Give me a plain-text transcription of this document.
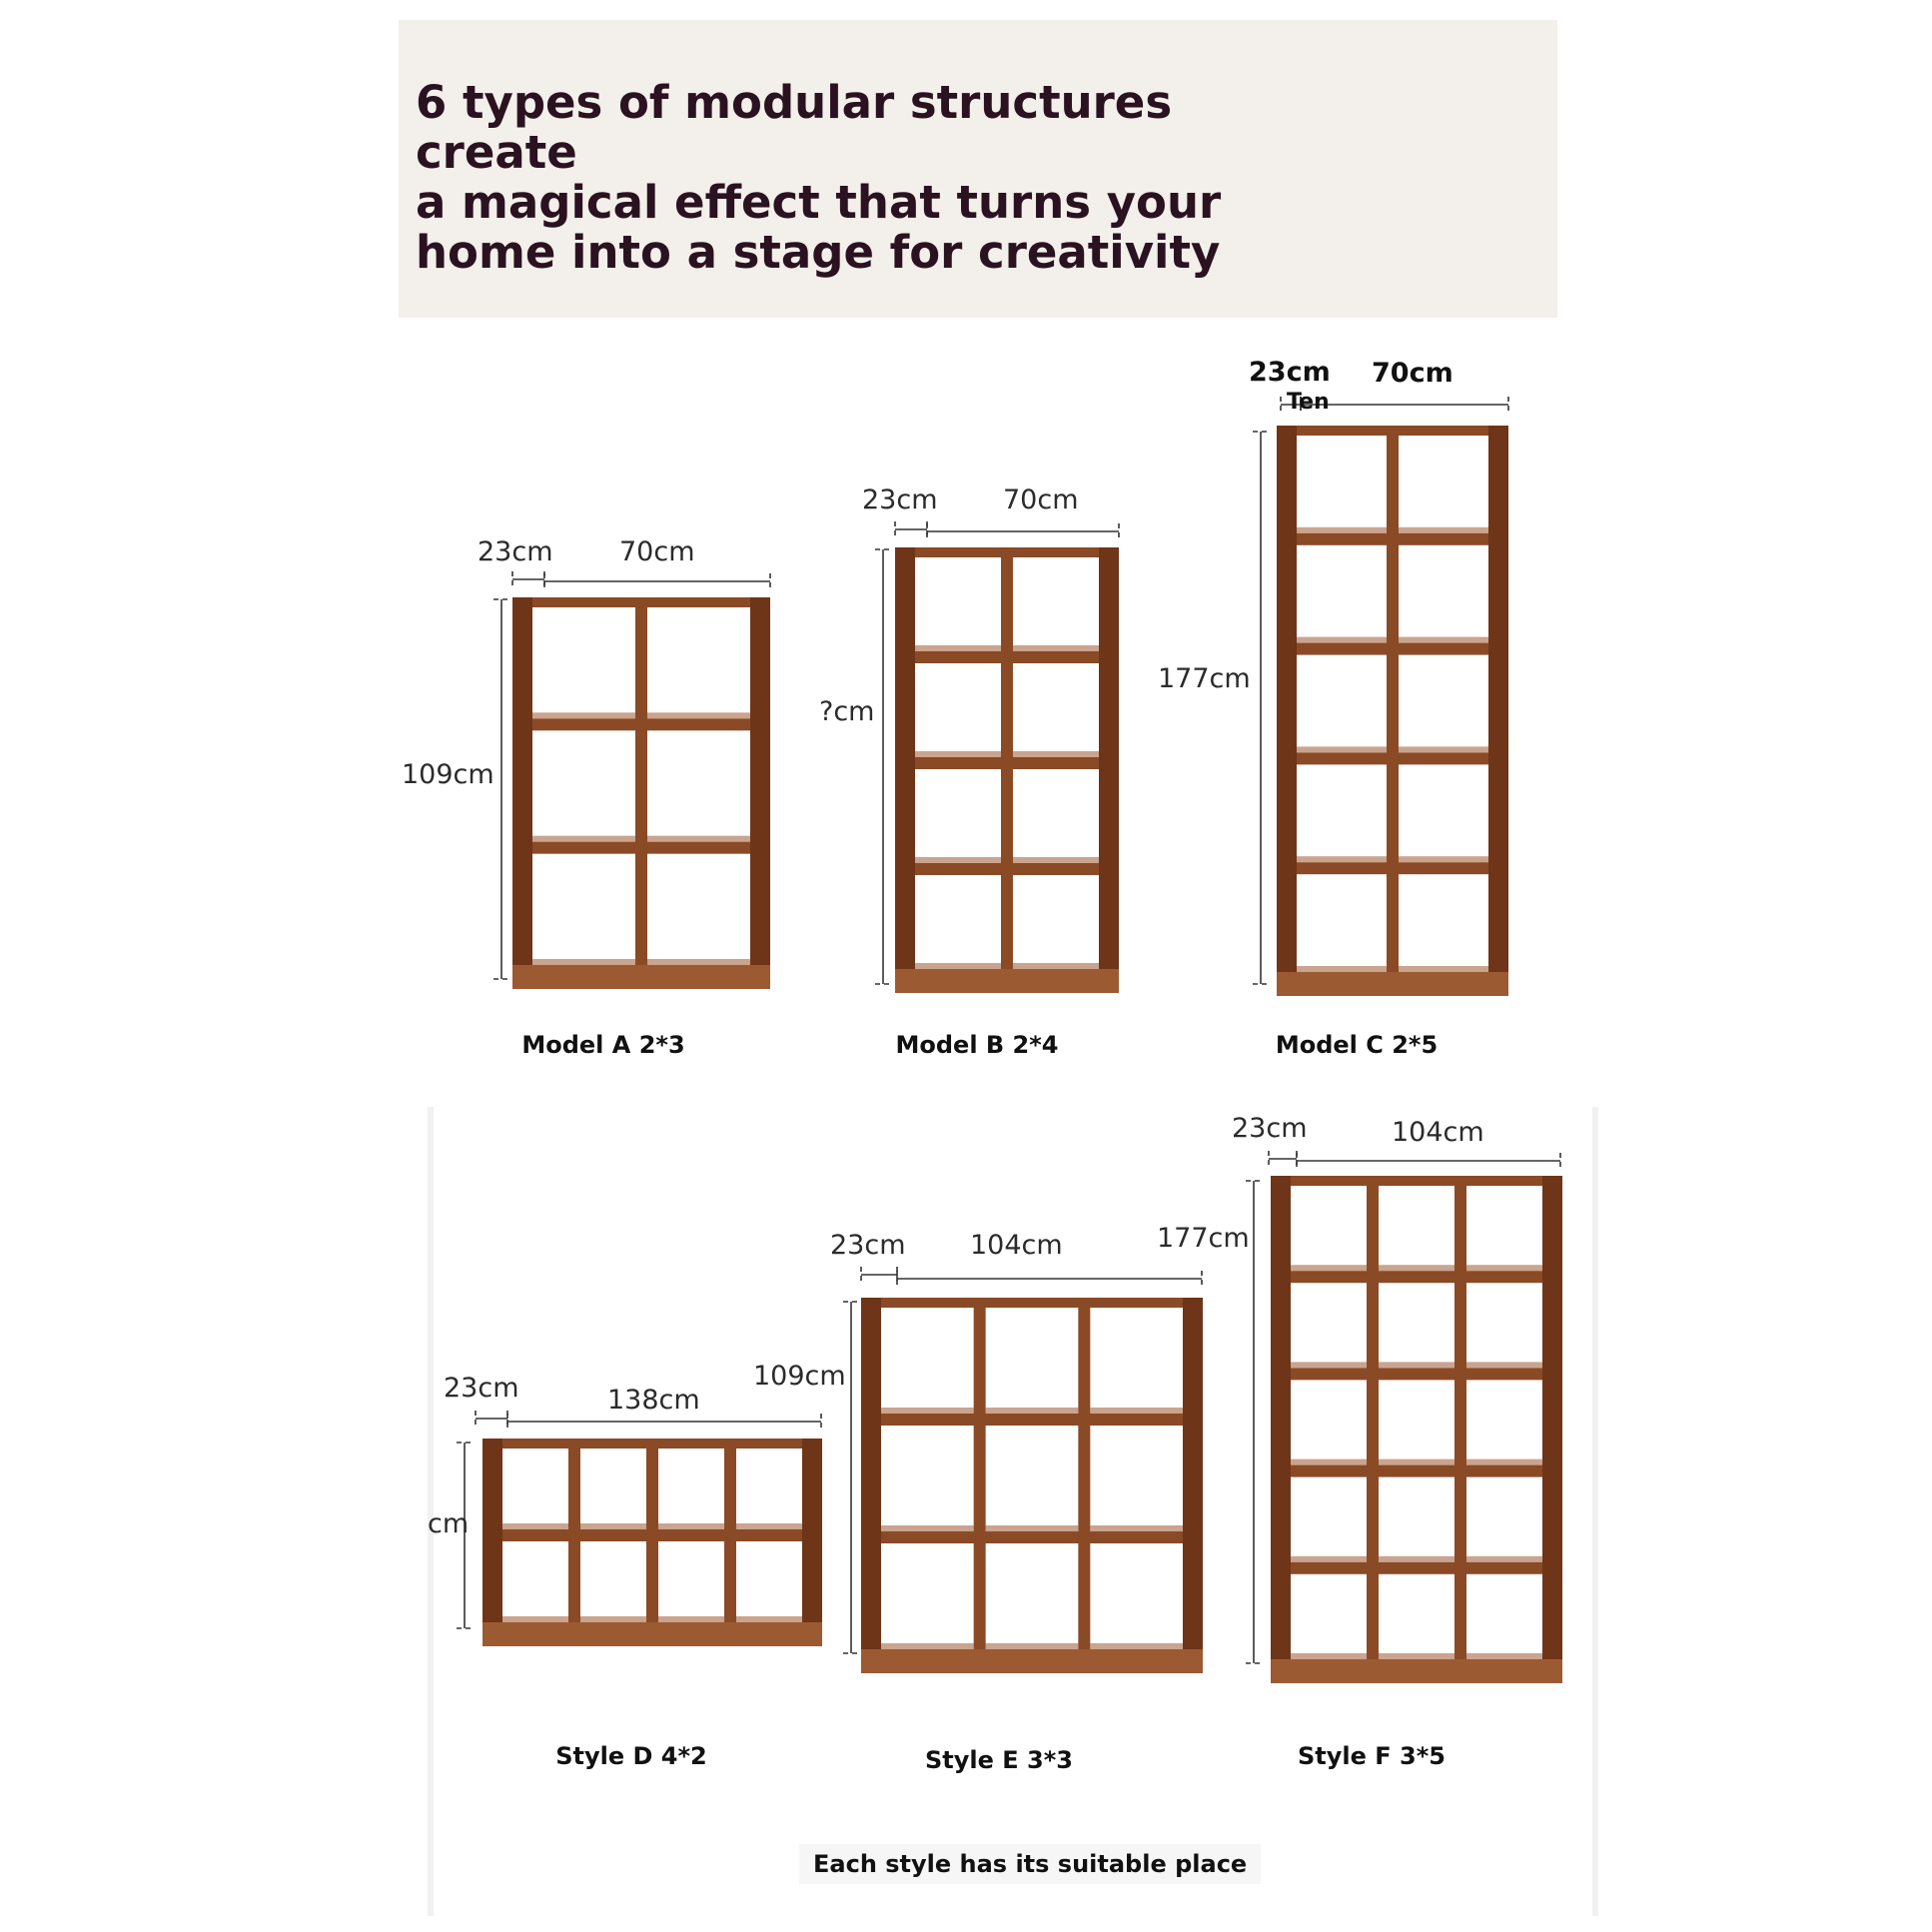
6 types of modular structures create
a magical effect that turns your
home into a stage for creativity
23cm 70cm
109cm
Model A 2*3
23cm 70cm
?cm
Model B 2*4
23cm 70cm
Ten
177cm
Model C 2*5
23cm	138cm
cm
Style D 4*2
23cm 104cm
109cm
Style E 3*3
23cm	104cm
177cm
Style F 3*5
Each style has its suitable place
